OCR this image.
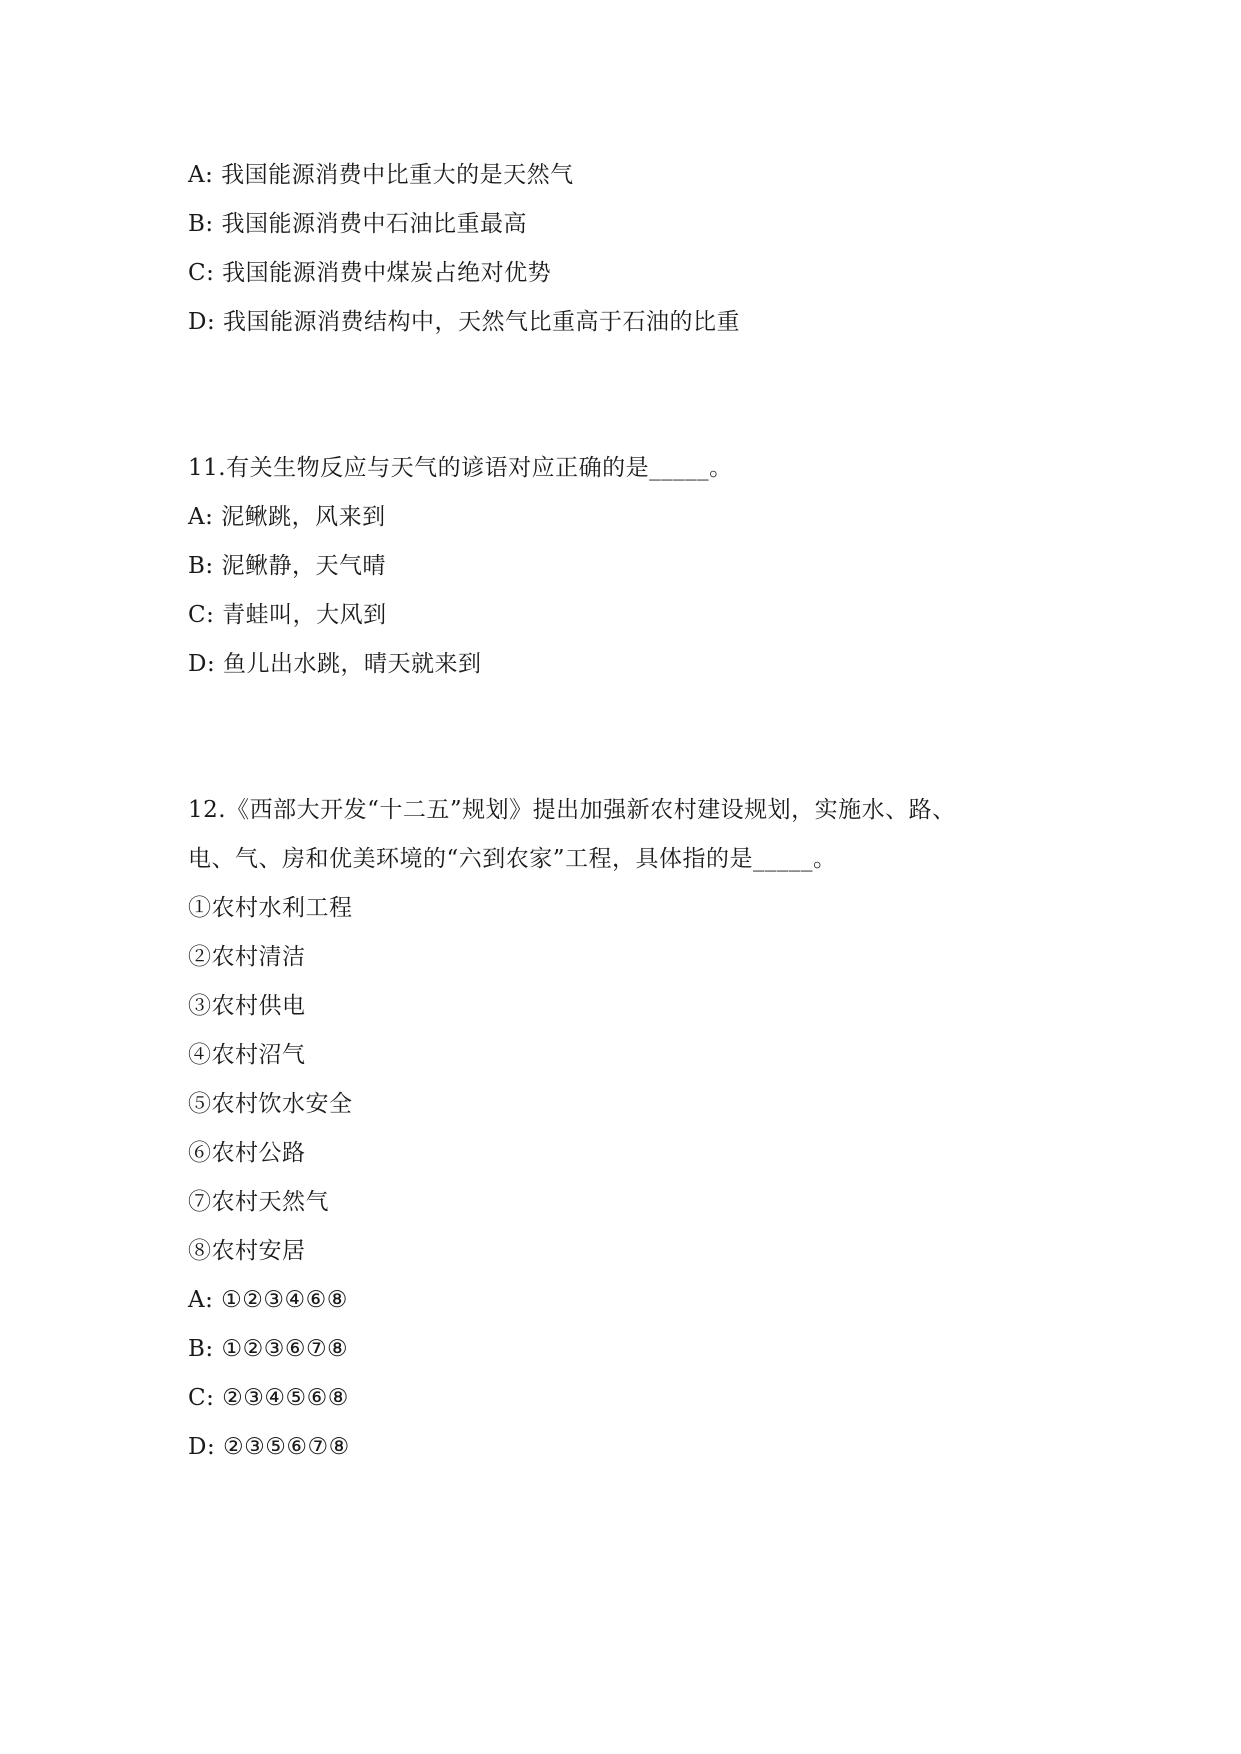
A: 我国能源消费中比重大的是天然气
B: 我国能源消费中石油比重最高
C: 我国能源消费中煤炭占绝对优势
D: 我国能源消费结构中，天然气比重高于石油的比重
11.有关生物反应与天气的谚语对应正确的是_____。
A: 泥鳅跳，风来到
B: 泥鳅静，天气晴
C: 青蛙叫，大风到
D: 鱼儿出水跳，晴天就来到
12.《西部大开发“十二五”规划》提出加强新农村建设规划，实施水、路、
电、气、房和优美环境的“六到农家”工程，具体指的是_____。
①农村水利工程
②农村清洁
③农村供电
④农村沼气
⑤农村饮水安全
⑥农村公路
⑦农村天然气
⑧农村安居
A: ①②③④⑥⑧
B: ①②③⑥⑦⑧
C: ②③④⑤⑥⑧
D: ②③⑤⑥⑦⑧
